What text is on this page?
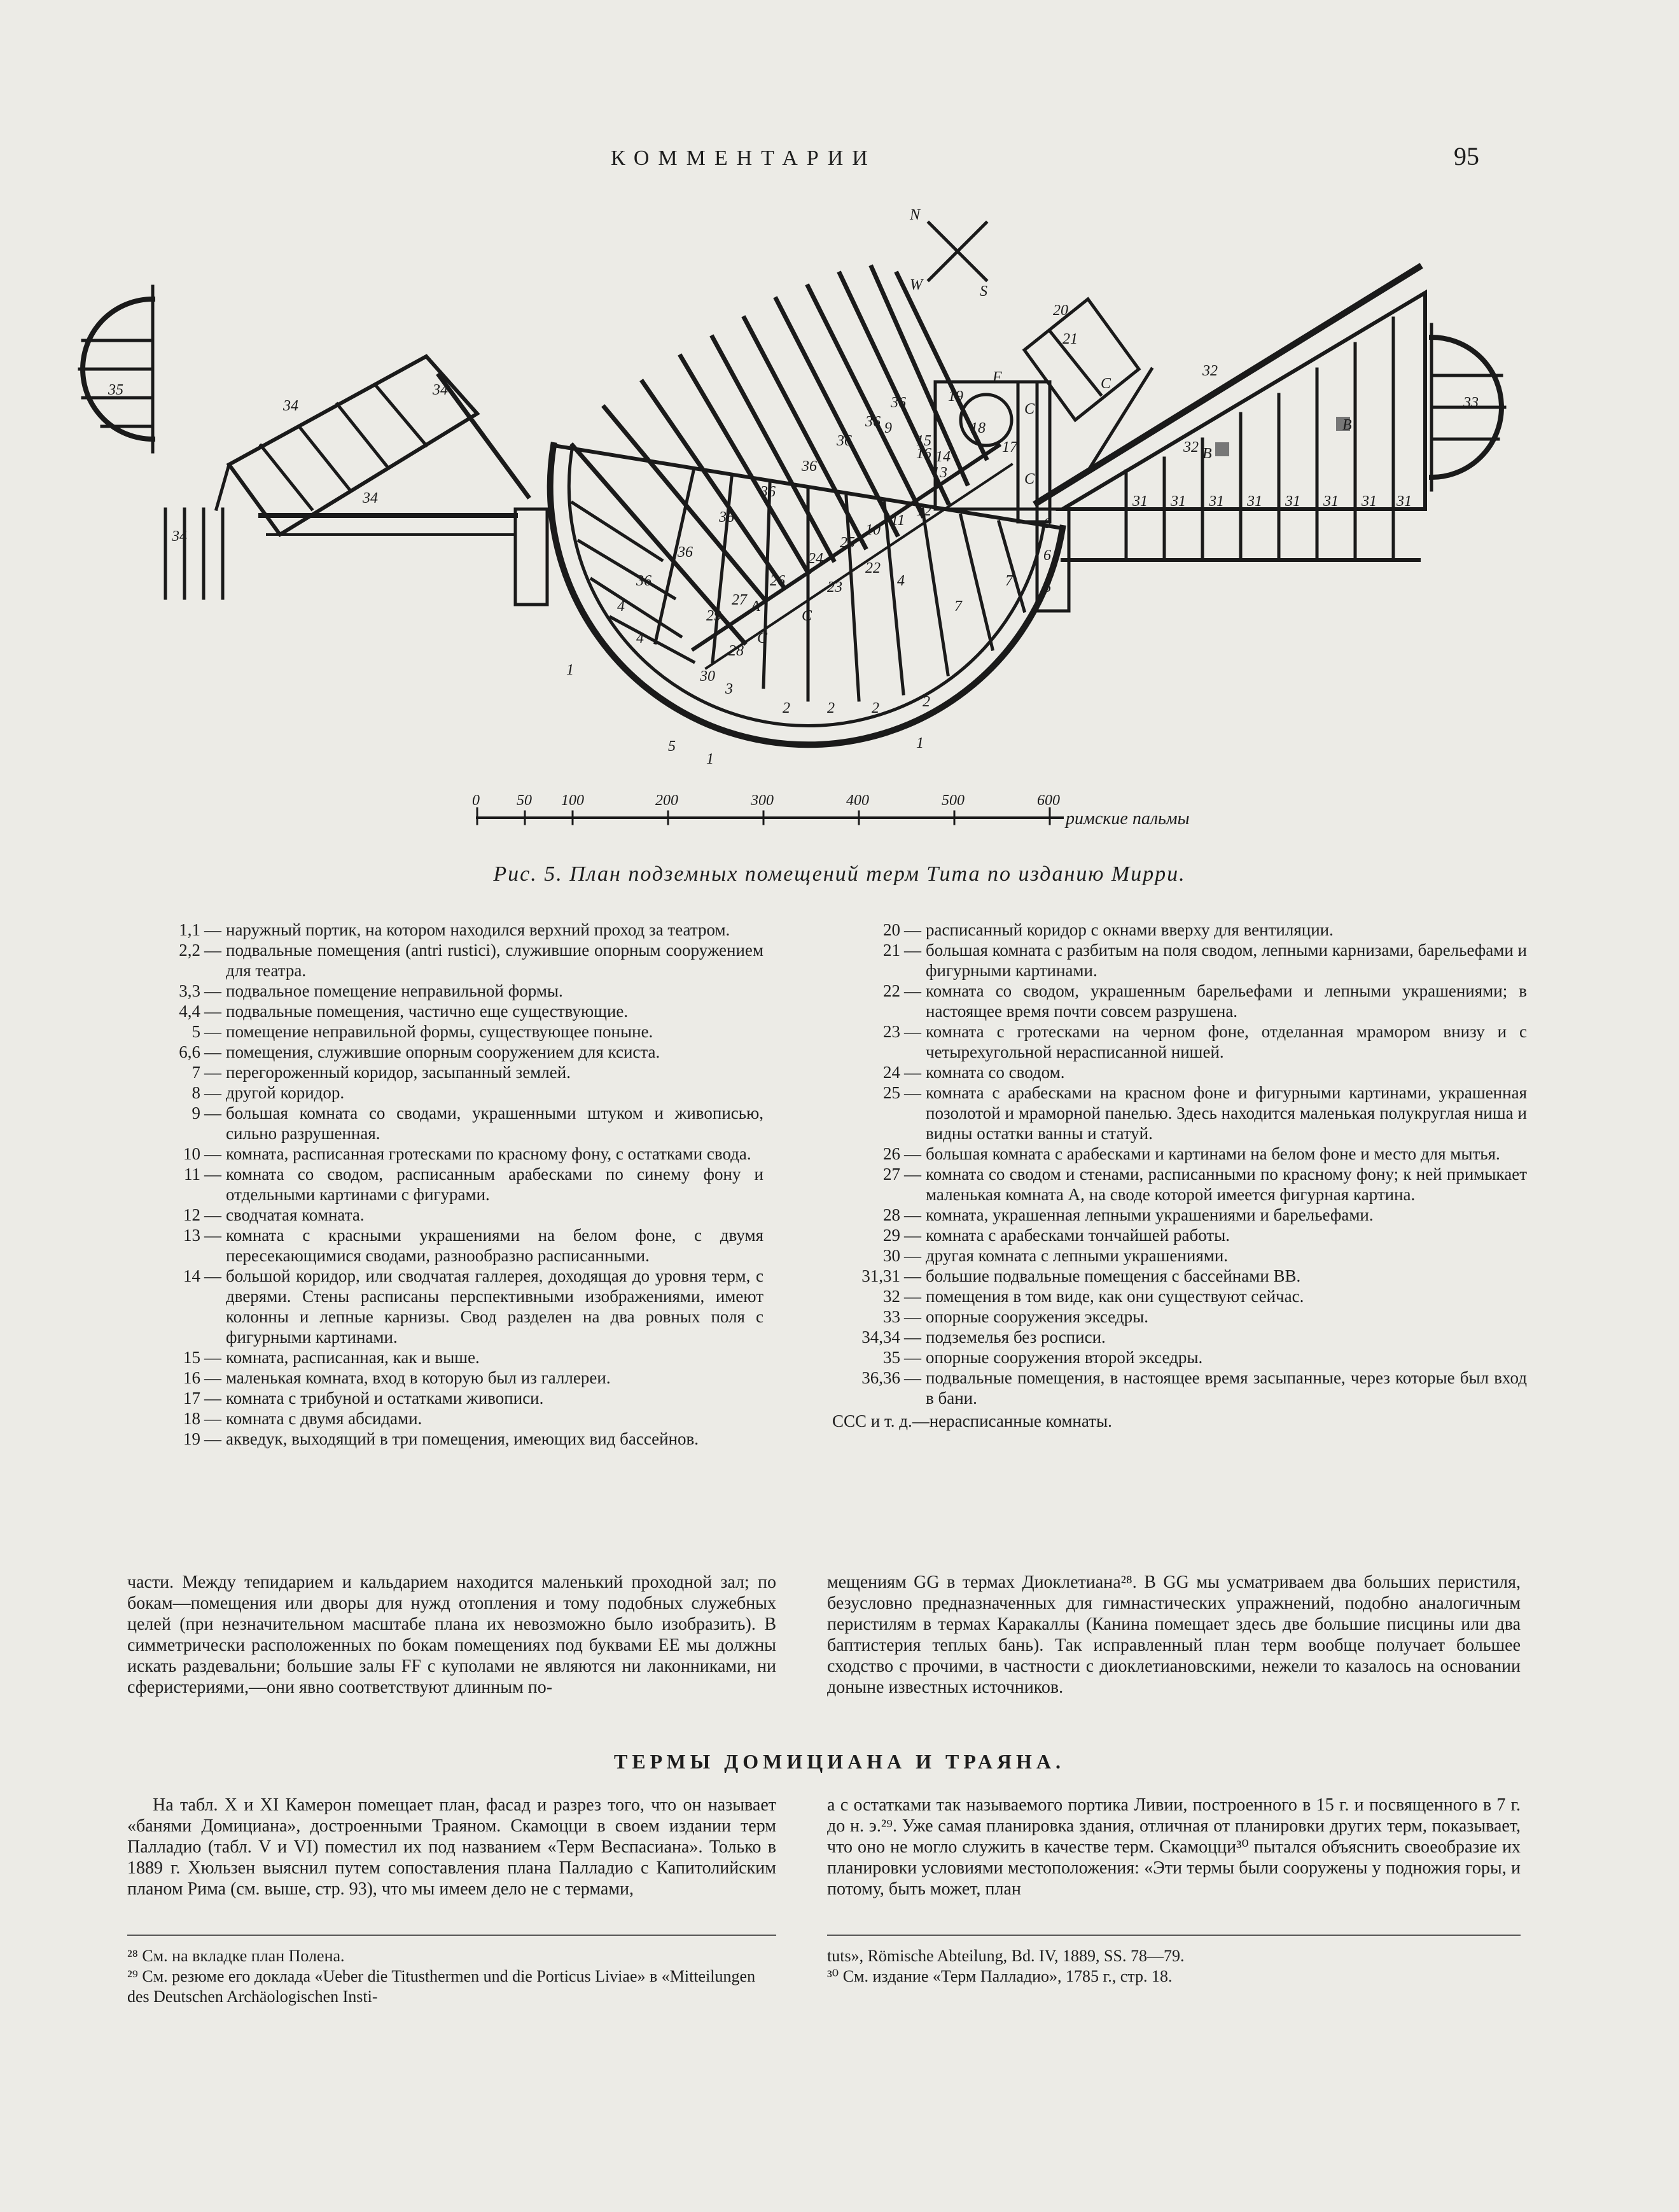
КОММЕНТАРИИ	95
N
S
W
35
34
34
34
34
36
36
36
36
36
36
36
36
9
10
11
12
13
14
15
16	17
18
19
20
21
22
23
24
25
26
27
28
29
30
A
C
C
F
C
C
C
6
6
6
7
7
4
4
4
3
2 2 2	2
1
1
1
5
32 B
B
31 31 31 31 31 31 31 31
33
32
0 50 100	200	300	400	500	600
римские пальмы
Рис. 5. План подземных помещений терм Тита по изданию Мирри.
1,1 — наружный портик, на котором находился верхний проход за театром.
2,2 — подвальные помещения (antri rustici), служившие опорным сооружением для театра.
3,3 — подвальное помещение неправильной формы.
4,4 — подвальные помещения, частично еще существующие.
5 — помещение неправильной формы, существующее поныне.
6,6 — помещения, служившие опорным сооружением для ксиста.
7 — перегороженный коридор, засыпанный землей.
8 — другой коридор.
9 — большая комната со сводами, украшенными штуком и живописью, сильно разрушенная.
10 — комната, расписанная гротесками по красному фону, с остатками свода.
11 — комната со сводом, расписанным арабесками по синему фону и отдельными картинами с фигурами.
12 — сводчатая комната.
13 — комната с красными украшениями на белом фоне, с двумя пересекающимися сводами, разнообразно расписанными.
14 — большой коридор, или сводчатая галлерея, доходящая до уровня терм, с дверями. Стены расписаны перспективными изображениями, имеют колонны и лепные карнизы. Свод разделен на два ровных поля с фигурными картинами.
15 — комната, расписанная, как и выше.
16 — маленькая комната, вход в которую был из галлереи.
17 — комната с трибуной и остатками живописи.
18 — комната с двумя абсидами.
19 — акведук, выходящий в три помещения, имеющих вид бассейнов.
20 — расписанный коридор с окнами вверху для вентиляции.
21 — большая комната с разбитым на поля сводом, лепными карнизами, барельефами и фигурными картинами.
22 — комната со сводом, украшенным барельефами и лепными украшениями; в настоящее время почти совсем разрушена.
23 — комната с гротесками на черном фоне, отделанная мрамором внизу и с четырехугольной нерасписанной нишей.
24 — комната со сводом.
25 — комната с арабесками на красном фоне и фигурными картинами, украшенная позолотой и мраморной панелью. Здесь находится маленькая полукруглая ниша и видны остатки ванны и статуй.
26 — большая комната с арабесками и картинами на белом фоне и место для мытья.
27 — комната со сводом и стенами, расписанными по красному фону; к ней примыкает маленькая комната A, на своде которой имеется фигурная картина.
28 — комната, украшенная лепными украшениями и барельефами.
29 — комната с арабесками тончайшей работы.
30 — другая комната с лепными украшениями.
31,31 — большие подвальные помещения с бассейнами BB.
32 — помещения в том виде, как они существуют сейчас.
33 — опорные сооружения экседры.
34,34 — подземелья без росписи.
35 — опорные сооружения второй экседры.
36,36 — подвальные помещения, в настоящее время засыпанные, через которые был вход в бани.
CCC и т. д.—нерасписанные комнаты.

части. Между тепидарием и кальдарием находится маленький проходной зал; по бокам—помещения или дворы для нужд отопления и тому подобных служебных целей (при незначительном масштабе плана их невозможно было изобразить). В симметрически расположенных по бокам помещениях под буквами EE мы должны искать раздевальни; большие залы FF с куполами не являются ни лаконниками, ни сферистериями,—они явно соответствуют длинным по-

мещениям GG в термах Диоклетиана²⁸. В GG мы усматриваем два больших перистиля, безусловно предназначенных для гимнастических упражнений, подобно аналогичным перистилям в термах Каракаллы (Канина помещает здесь две большие писцины или два баптистерия теплых бань). Так исправленный план терм вообще получает большее сходство с прочими, в частности с диоклетиановскими, нежели то казалось на основании доныне известных источников.

ТЕРМЫ ДОМИЦИАНА И ТРАЯНА.

На табл. X и XI Камерон помещает план, фасад и разрез того, что он называет «банями Домициана», достроенными Траяном. Скамоцци в своем издании терм Палладио (табл. V и VI) поместил их под названием «Терм Веспасиана». Только в 1889 г. Хюльзен выяснил путем сопоставления плана Палладио с Капитолийским планом Рима (см. выше, стр. 93), что мы имеем дело не с термами,

а с остатками так называемого портика Ливии, построенного в 15 г. и посвященного в 7 г. до н. э.²⁹. Уже самая планировка здания, отличная от планировки других терм, показывает, что оно не могло служить в качестве терм. Скамоцци³⁰ пытался объяснить своеобразие их планировки условиями местоположения: «Эти термы были сооружены у подножия горы, и потому, быть может, план

²⁸ См. на вкладке план Полена.

²⁹ См. резюме его доклада «Ueber die Titusthermen und die Porticus Liviae» в «Mitteilungen des Deutschen Archäologischen Insti-

tuts», Römische Abteilung, Bd. IV, 1889, SS. 78—79.

³⁰ См. издание «Терм Палладио», 1785 г., стр. 18.
